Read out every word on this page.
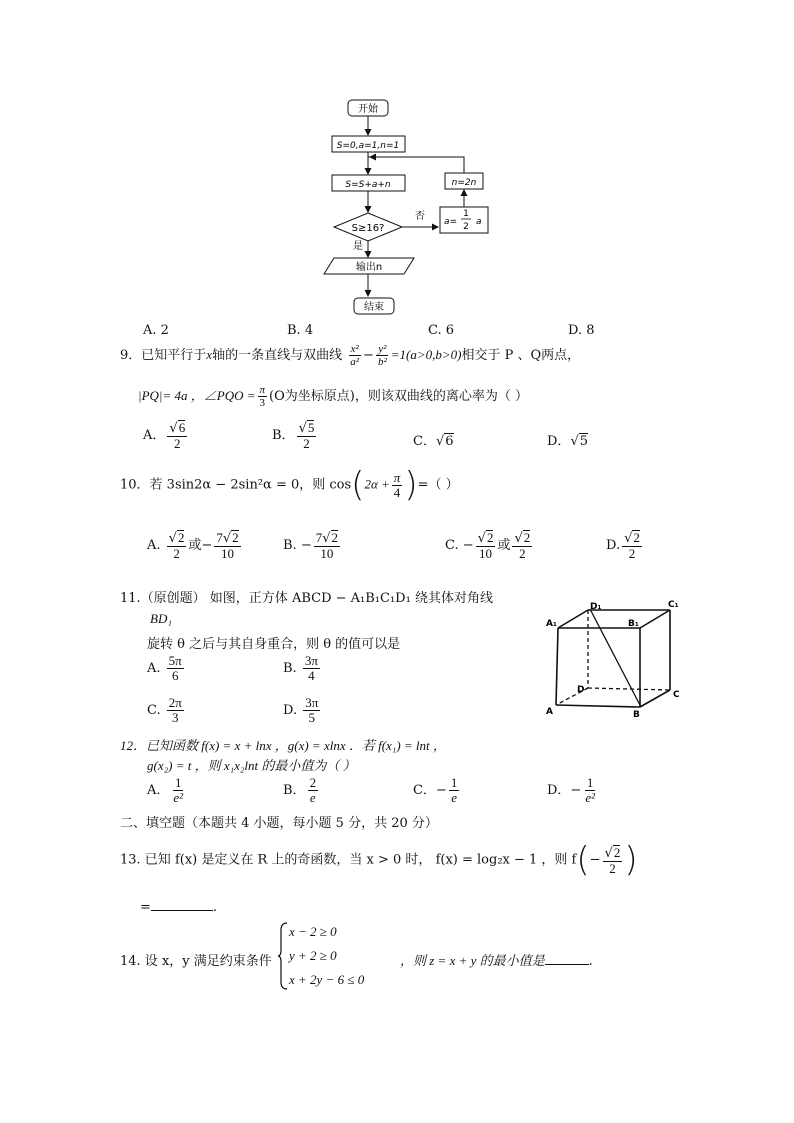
开始
S=0,a=1,n=1
S=S+a+n
S≥16?
否 a=
1
2 a
n=2n
是
输出n
结束
A. 2	B. 4	C. 6	D. 8
9．已知平行于x轴的一条直线与双曲线 $\frac{\text{x²}}{\text{a²}} - \frac{\text{y²}}{\text{b²}} =1(a>0,b>0)$相交于 P 、Q两点，
|PQ|= 4a ，∠PQO = $\frac{\pi}{3} (O$为坐标原点)，则该双曲线的离心率为（ ）
A． $\frac{√6}{2}$	B． $\frac{√5}{2}$	C．√6	D．√5
10．若 3sin2α − 2sin²α = 0，则 $\cos(2\alpha + \frac{\pi}{4}$ )=（ ）
A. $\frac{√2}{2}$ 或− $\frac{7√2}{10}$	B. − $\frac{7√2}{10}$	C. − $\frac{√2}{10}$ 或 $\frac{√2}{2}$	D. $\frac{√2}{2}$
11.（原创题） 如图，正方体 ABCD − A₁B₁C₁D₁ 绕其体对角线
BD₁
旋转 θ 之后与其自身重合，则 θ 的值可以是
A. $\frac{5\pi}{6}$	B. $\frac{3\pi}{4}$
C. $\frac{2\pi}{3}$	D. $\frac{3\pi}{5}$
D₁	C₁
A₁	B₁
D	C
A	B
12．已知函数 f(x) = x + lnx ，g(x) = xlnx ．若 f(x₁) = lnt ，
g(x₂) = t ，则 x₁x₂lnt 的最小值为（ ）
A． $\frac{1}{\text{e²}}$	B． $\frac{2}{e}$	C．− $\frac{1}{e}$	D．− $\frac{1}{\text{e²}}$
二、填空题（本题共 4 小题，每小题 5 分，共 20 分）
13. 已知 f(x) 是定义在 R 上的奇函数，当 x > 0 时， f(x) = log₂x − 1 ，则 $f(- \frac{√2}{2}$ )
=	.
14. 设 x，y 满足约束条件
x − 2 ≥ 0
y + 2 ≥ 0
x + 2y − 6 ≤ 0
，则 z = x + y 的最小值是	.
